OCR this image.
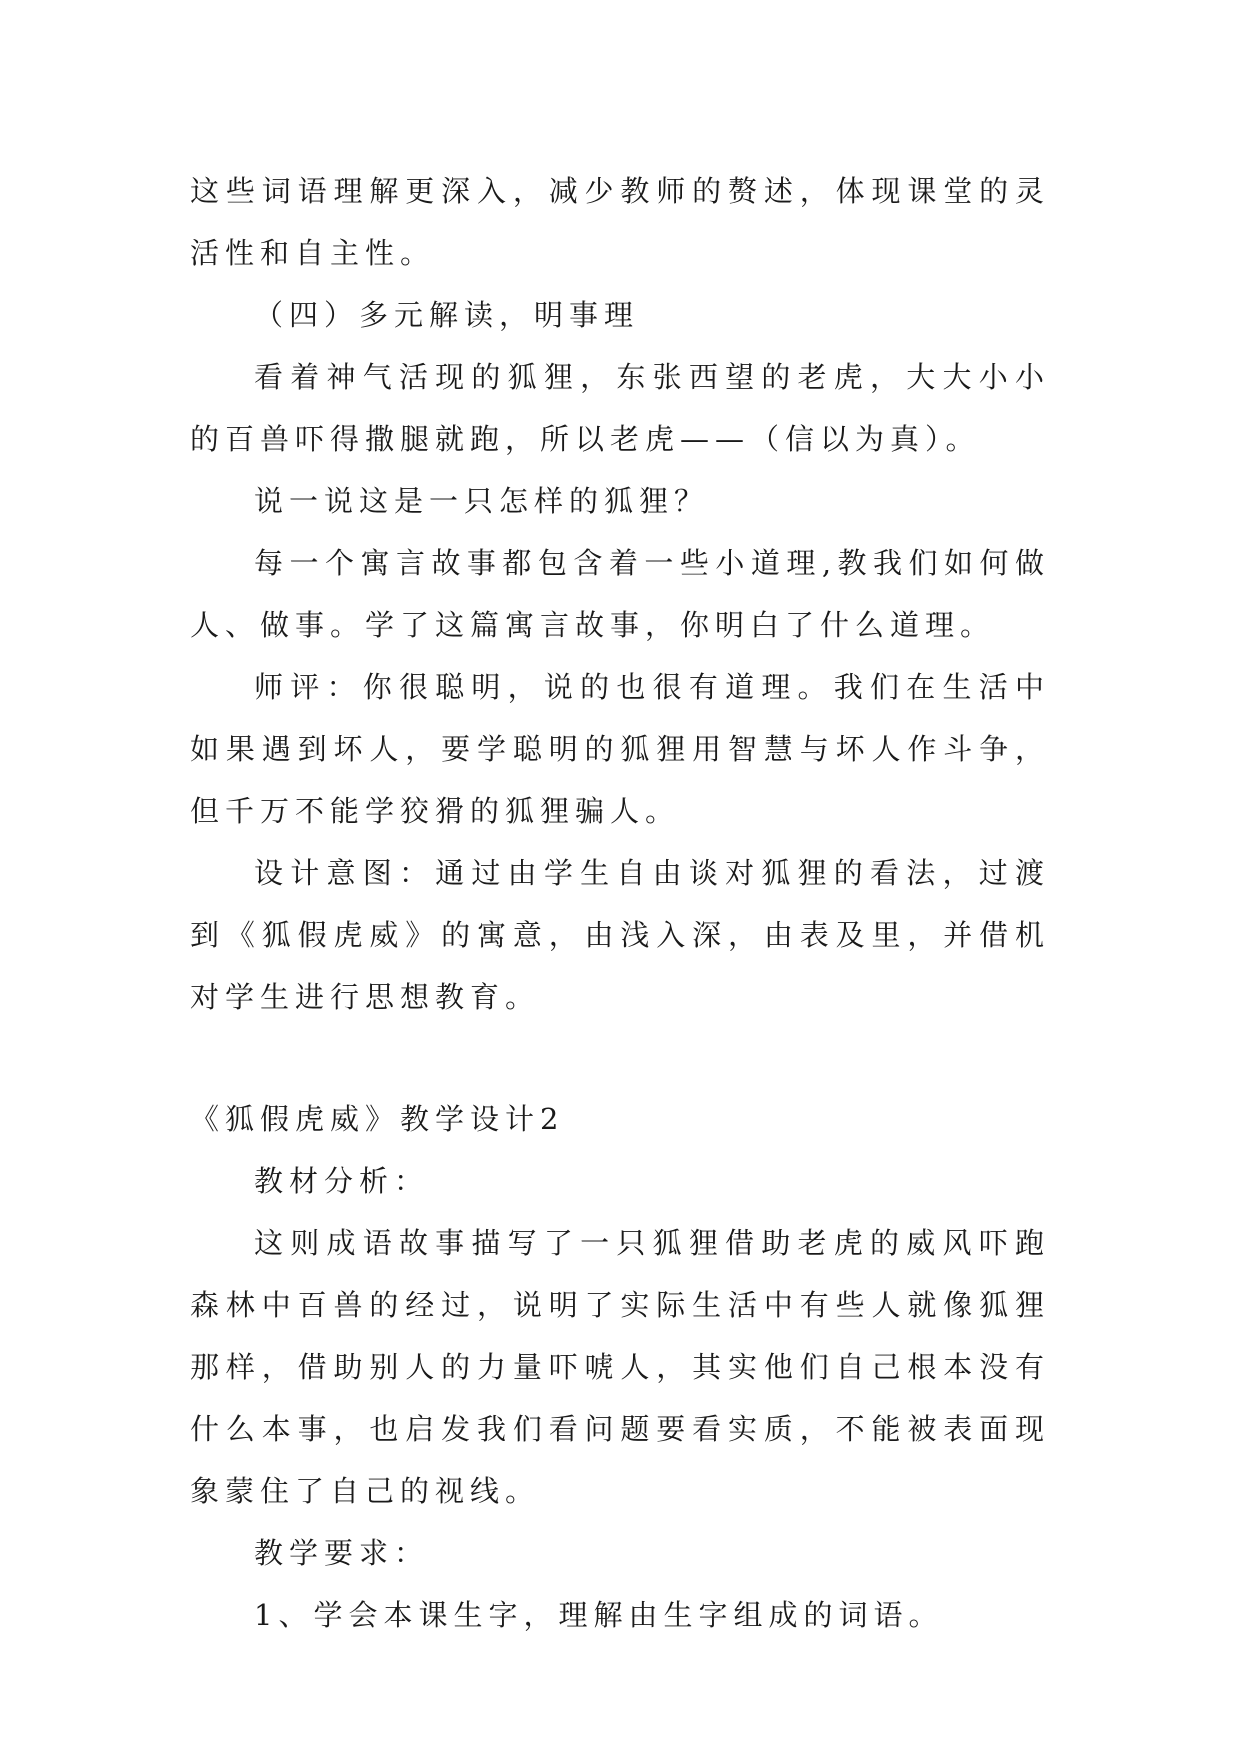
这些词语理解更深入，减少教师的赘述，体现课堂的灵活性和自主性。

（四）多元解读，明事理

看着神气活现的狐狸，东张西望的老虎，大大小小的百兽吓得撒腿就跑，所以老虎——（信以为真）。

说一说这是一只怎样的狐狸？

每一个寓言故事都包含着一些小道理,教我们如何做人、做事。学了这篇寓言故事，你明白了什么道理。

师评：你很聪明，说的也很有道理。我们在生活中如果遇到坏人，要学聪明的狐狸用智慧与坏人作斗争，但千万不能学狡猾的狐狸骗人。

设计意图：通过由学生自由谈对狐狸的看法，过渡到《狐假虎威》的寓意，由浅入深，由表及里，并借机对学生进行思想教育。

《狐假虎威》教学设计2

教材分析：

这则成语故事描写了一只狐狸借助老虎的威风吓跑森林中百兽的经过，说明了实际生活中有些人就像狐狸那样，借助别人的力量吓唬人，其实他们自己根本没有什么本事，也启发我们看问题要看实质，不能被表面现象蒙住了自己的视线。

教学要求：

1、学会本课生字，理解由生字组成的词语。
